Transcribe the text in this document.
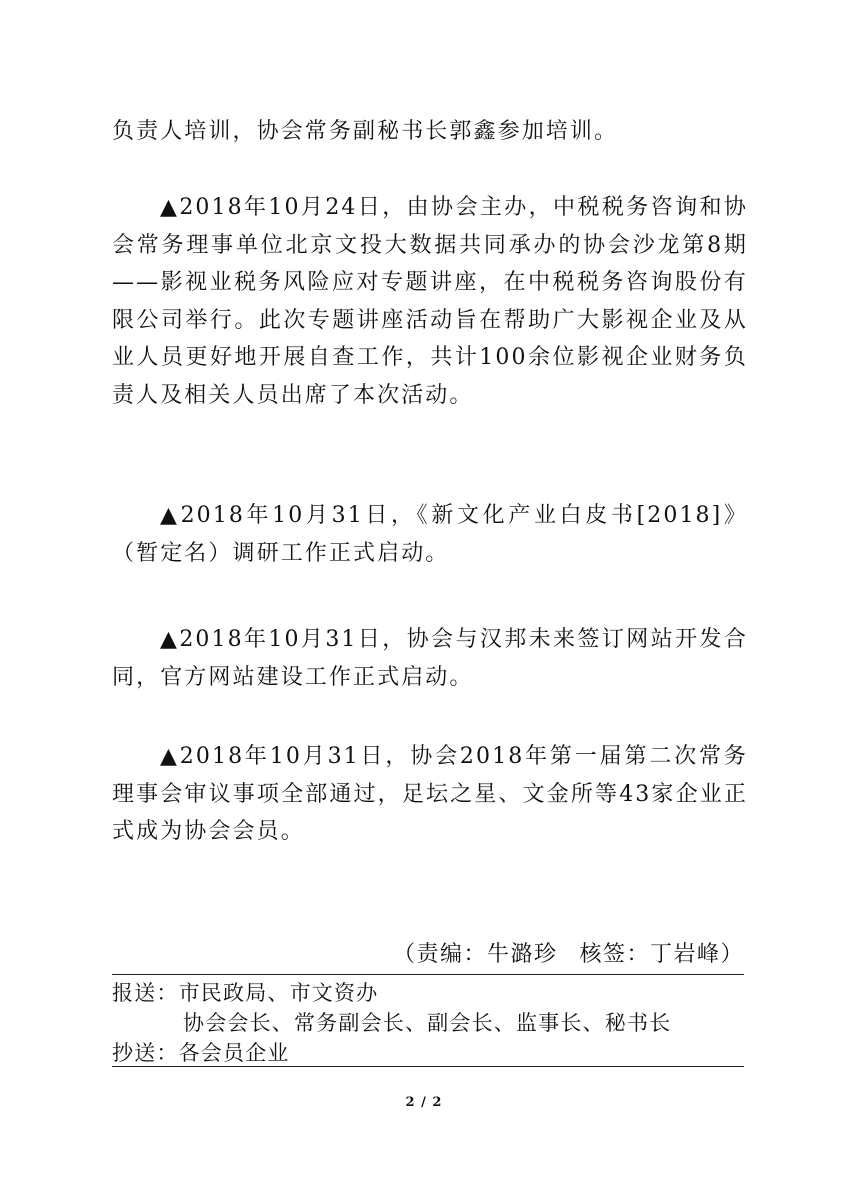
负责人培训，协会常务副秘书长郭鑫参加培训。

▲2018年10月24日，由协会主办，中税税务咨询和协会常务理事单位北京文投大数据共同承办的协会沙龙第8期——影视业税务风险应对专题讲座，在中税税务咨询股份有限公司举行。此次专题讲座活动旨在帮助广大影视企业及从业人员更好地开展自查工作，共计100余位影视企业财务负责人及相关人员出席了本次活动。

▲2018年10月31日，《新文化产业白皮书[2018]》（暂定名）调研工作正式启动。

▲2018年10月31日，协会与汉邦未来签订网站开发合同，官方网站建设工作正式启动。

▲2018年10月31日，协会2018年第一届第二次常务理事会审议事项全部通过，足坛之星、文金所等43家企业正式成为协会会员。

（责编：牛潞珍 核签：丁岩峰）

报送：市民政局、市文资办
协会会长、常务副会长、副会长、监事长、秘书长
抄送：各会员企业
2 / 2
